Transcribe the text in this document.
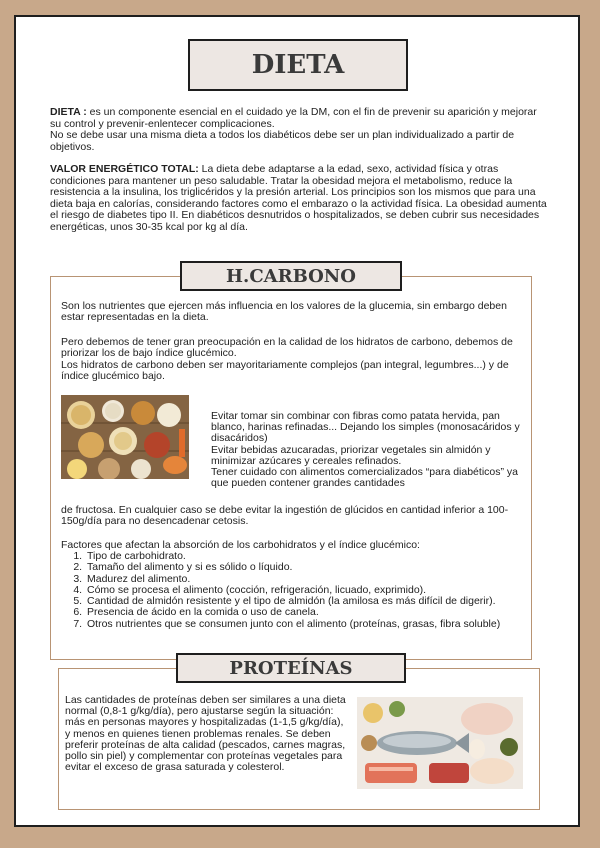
DIETA

DIETA : es un componente esencial en el cuidado ye la DM, con el fin de prevenir su aparición y mejorar su control y prevenir-enlentecer complicaciones.
No se debe usar una misma dieta a todos los diabéticos debe ser un plan individualizado a partir de objetivos.

VALOR ENERGÉTICO TOTAL: La dieta debe adaptarse a la edad, sexo, actividad física y otras condiciones para mantener un peso saludable. Tratar la obesidad mejora el metabolismo, reduce la resistencia a la insulina, los triglicéridos y la presión arterial. Los principios son los mismos que para una dieta baja en calorías, considerando factores como el embarazo o la actividad física. La obesidad aumenta el riesgo de diabetes tipo II. En diabéticos desnutridos o hospitalizados, se deben cubrir sus necesidades energéticas, unos 30-35 kcal por kg al día.

Son los nutrientes que ejercen más influencia en los valores de la glucemia, sin embargo deben estar representadas en la dieta.

Pero debemos de tener gran preocupación en la calidad de los hidratos de carbono, debemos de priorizar los de bajo índice glucémico.
Los hidratos de carbono deben ser mayoritariamente complejos (pan integral, legumbres...) y de índice glucémico bajo.

Evitar tomar sin combinar con fibras como patata hervida, pan blanco, harinas refinadas... Dejando los simples (monosacáridos y disacáridos)
Evitar bebidas azucaradas, priorizar vegetales sin almidón y minimizar azúcares y cereales refinados.
Tener cuidado con alimentos comercializados “para diabéticos” ya que pueden contener grandes cantidades

de fructosa. En cualquier caso se debe evitar la ingestión de glúcidos en cantidad inferior a 100-150g/día para no desencadenar cetosis.

Factores que afectan la absorción de los carbohidratos y el índice glucémico:

1. Tipo de carbohidrato.
2. Tamaño del alimento y si es sólido o líquido.
3. Madurez del alimento.
4. Cómo se procesa el alimento (cocción, refrigeración, licuado, exprimido).
5. Cantidad de almidón resistente y el tipo de almidón (la amilosa es más difícil de digerir).
6. Presencia de ácido en la comida o uso de canela.
7. Otros nutrientes que se consumen junto con el alimento (proteínas, grasas, fibra soluble)
H.CARBONO

Las cantidades de proteínas deben ser similares a una dieta normal (0,8-1 g/kg/día), pero ajustarse según la situación: más en personas mayores y hospitalizadas (1-1,5 g/kg/día), y menos en quienes tienen problemas renales. Se deben preferir proteínas de alta calidad (pescados, carnes magras, pollo sin piel) y complementar con proteínas vegetales para evitar el exceso de grasa saturada y colesterol.

PROTEÍNAS
